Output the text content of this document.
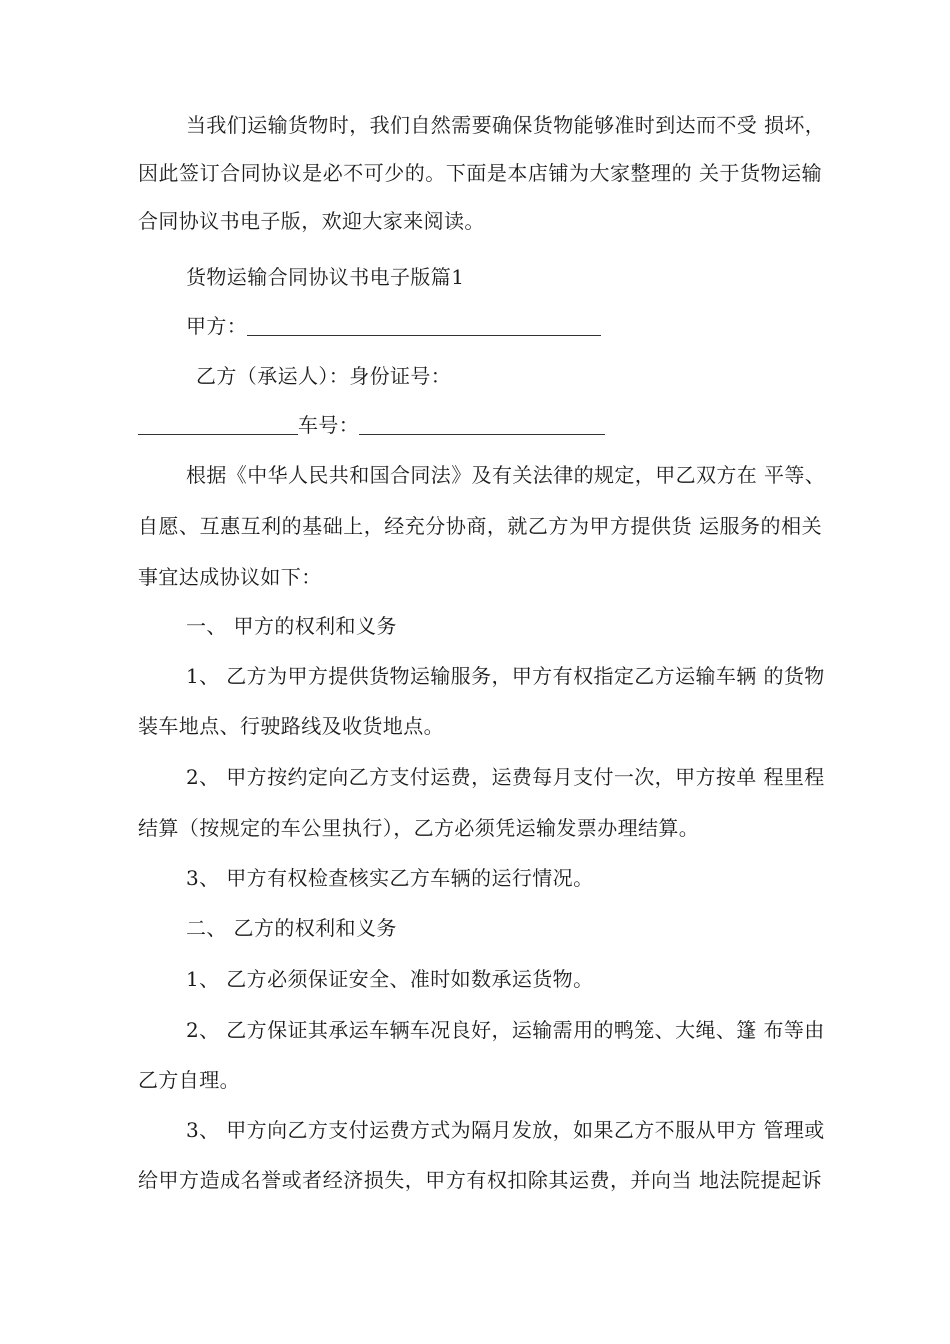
当我们运输货物时，我们自然需要确保货物能够准时到达而不受 损坏，
因此签订合同协议是必不可少的。下面是本店铺为大家整理的 关于货物运输
合同协议书电子版，欢迎大家来阅读。
货物运输合同协议书电子版篇1
甲方：
乙方（承运人）：身份证号：
车号：
根据《中华人民共和国合同法》及有关法律的规定，甲乙双方在 平等、
自愿、互惠互利的基础上，经充分协商，就乙方为甲方提供货 运服务的相关
事宜达成协议如下：
一、 甲方的权利和义务
1、 乙方为甲方提供货物运输服务，甲方有权指定乙方运输车辆 的货物
装车地点、行驶路线及收货地点。
2、 甲方按约定向乙方支付运费，运费每月支付一次，甲方按单 程里程
结算（按规定的车公里执行），乙方必须凭运输发票办理结算。
3、 甲方有权检查核实乙方车辆的运行情况。
二、 乙方的权利和义务
1、 乙方必须保证安全、准时如数承运货物。
2、 乙方保证其承运车辆车况良好，运输需用的鸭笼、大绳、篷 布等由
乙方自理。
3、 甲方向乙方支付运费方式为隔月发放，如果乙方不服从甲方 管理或
给甲方造成名誉或者经济损失，甲方有权扣除其运费，并向当 地法院提起诉
